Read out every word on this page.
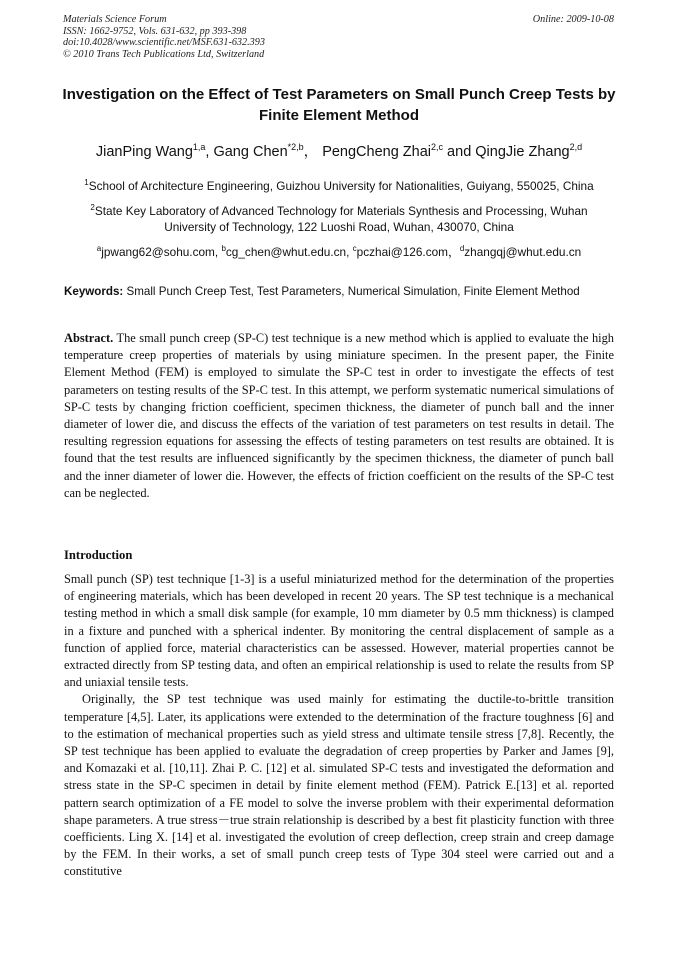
Materials Science Forum
ISSN: 1662-9752, Vols. 631-632, pp 393-398
doi:10.4028/www.scientific.net/MSF.631-632.393
© 2010 Trans Tech Publications Ltd, Switzerland
Online: 2009-10-08
Investigation on the Effect of Test Parameters on Small Punch Creep Tests by Finite Element Method
JianPing Wang$^{1,a}$, Gang Chen$^{*2,b}$， PengCheng Zhai$^{2,c}$ and QingJie Zhang$^{2,d}$
$^1$School of Architecture Engineering, Guizhou University for Nationalities, Guiyang, 550025, China
$^2$State Key Laboratory of Advanced Technology for Materials Synthesis and Processing, Wuhan University of Technology, 122 Luoshi Road, Wuhan, 430070, China
$^a$jpwang62@sohu.com, $^b$cg_chen@whut.edu.cn, $^c$pczhai@126.com，$^d$zhangqj@whut.edu.cn
Keywords: Small Punch Creep Test, Test Parameters, Numerical Simulation, Finite Element Method
Abstract. The small punch creep (SP-C) test technique is a new method which is applied to evaluate the high temperature creep properties of materials by using miniature specimen. In the present paper, the Finite Element Method (FEM) is employed to simulate the SP-C test in order to investigate the effects of test parameters on testing results of the SP-C test. In this attempt, we perform systematic numerical simulations of SP-C tests by changing friction coefficient, specimen thickness, the diameter of punch ball and the inner diameter of lower die, and discuss the effects of the variation of test parameters on test results in detail. The resulting regression equations for assessing the effects of testing parameters on test results are obtained. It is found that the test results are influenced significantly by the specimen thickness, the diameter of punch ball and the inner diameter of lower die. However, the effects of friction coefficient on the results of the SP-C test can be neglected.
Introduction

Small punch (SP) test technique [1-3] is a useful miniaturized method for the determination of the properties of engineering materials, which has been developed in recent 20 years. The SP test technique is a mechanical testing method in which a small disk sample (for example, 10 mm diameter by 0.5 mm thickness) is clamped in a fixture and punched with a spherical indenter. By monitoring the central displacement of sample as a function of applied force, material characteristics can be assessed. However, material properties cannot be extracted directly from SP testing data, and often an empirical relationship is used to relate the results from SP and uniaxial tensile tests.

Originally, the SP test technique was used mainly for estimating the ductile-to-brittle transition temperature [4,5]. Later, its applications were extended to the determination of the fracture toughness [6] and to the estimation of mechanical properties such as yield stress and ultimate tensile stress [7,8]. Recently, the SP test technique has been applied to evaluate the degradation of creep properties by Parker and James [9], and Komazaki et al. [10,11]. Zhai P. C. [12] et al. simulated SP-C tests and investigated the deformation and stress state in the SP-C specimen in detail by finite element method (FEM). Patrick E.[13] et al. reported pattern search optimization of a FE model to solve the inverse problem with their experimental deformation shape parameters. A true stress－true strain relationship is described by a best fit plasticity function with three coefficients. Ling X. [14] et al. investigated the evolution of creep deflection, creep strain and creep damage by the FEM. In their works, a set of small punch creep tests of Type 304 steel were carried out and a constitutive
